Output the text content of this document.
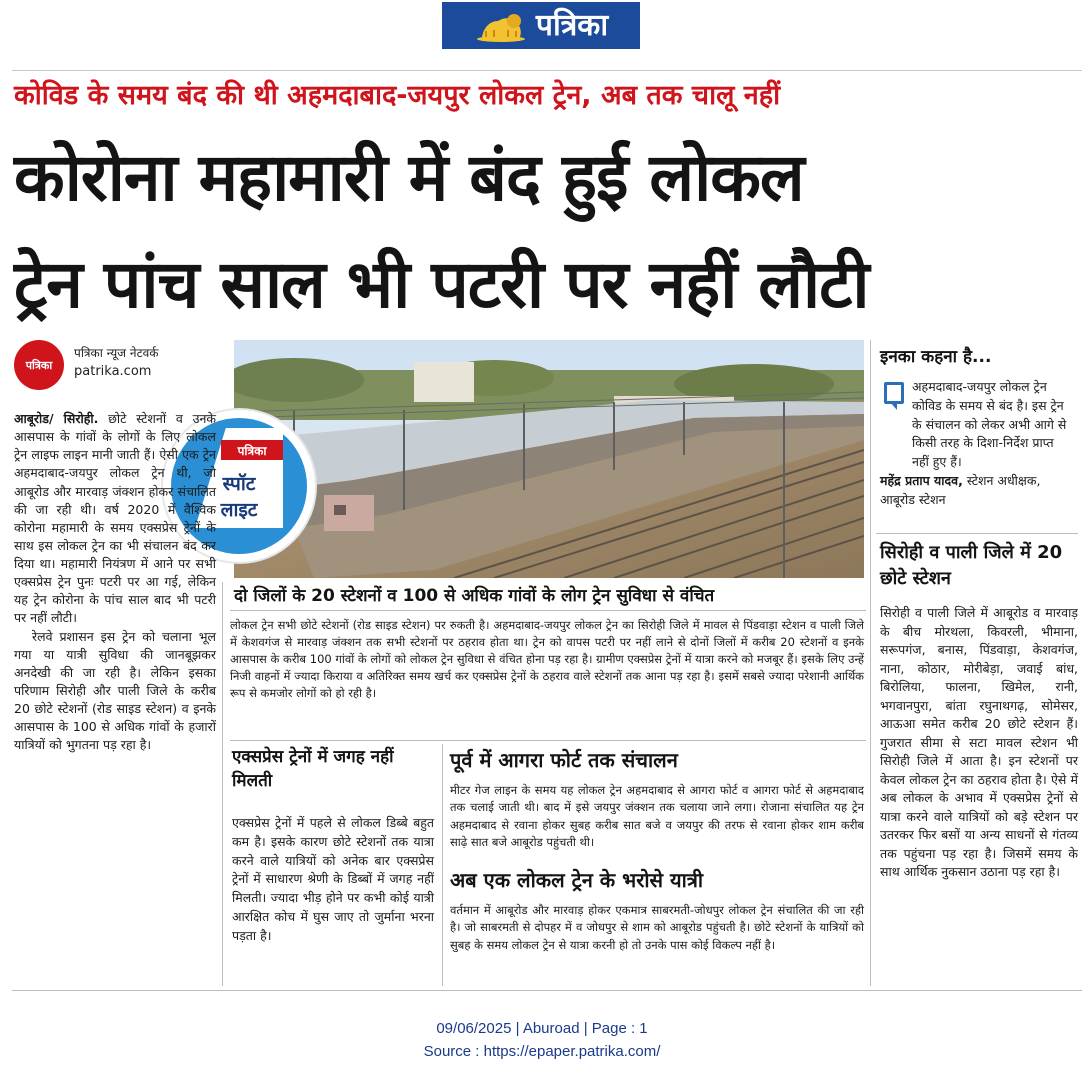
पत्रिका
कोविड के समय बंद की थी अहमदाबाद-जयपुर लोकल ट्रेन, अब तक चालू नहीं
कोरोना महामारी में बंद हुई लोकल
ट्रेन पांच साल भी पटरी पर नहीं लौटी
पत्रिका
पत्रिका न्यूज नेटवर्क
patrika.com
पत्रिका
स्पॉट
लाइट

आबूरोड/ सिरोही. छोटे स्टेशनों व उनके आसपास के गांवों के लोगों के लिए लोकल ट्रेन लाइफ लाइन मानी जाती हैं। ऐसी एक ट्रेन अहमदाबाद-जयपुर लोकल ट्रेन थी, जो आबूरोड और मारवाड़ जंक्शन होकर संचालित की जा रही थी। वर्ष 2020 में वैश्विक कोरोना महामारी के समय एक्सप्रेस ट्रेनों के साथ इस लोकल ट्रेन का भी संचालन बंद कर दिया था। महामारी नियंत्रण में आने पर सभी एक्सप्रेस ट्रेन पुनः पटरी पर आ गई, लेकिन यह ट्रेन कोरोना के पांच साल बाद भी पटरी पर नहीं लौटी।

रेलवे प्रशासन इस ट्रेन को चलाना भूल गया या यात्री सुविधा की जानबूझकर अनदेखी की जा रही है। लेकिन इसका परिणाम सिरोही और पाली जिले के करीब 20 छोटे स्टेशनों (रोड साइड स्टेशन) व इनके आसपास के 100 से अधिक गांवों के हजारों यात्रियों को भुगतना पड़ रहा है।

दो जिलों के 20 स्टेशनों व 100 से अधिक गांवों के लोग ट्रेन सुविधा से वंचित
लोकल ट्रेन सभी छोटे स्टेशनों (रोड साइड स्टेशन) पर रुकती है। अहमदाबाद-जयपुर लोकल ट्रेन का सिरोही जिले में मावल से पिंडवाड़ा स्टेशन व पाली जिले में केशवगंज से मारवाड़ जंक्शन तक सभी स्टेशनों पर ठहराव होता था। ट्रेन को वापस पटरी पर नहीं लाने से दोनों जिलों में करीब 20 स्टेशनों व इनके आसपास के करीब 100 गांवों के लोगों को लोकल ट्रेन सुविधा से वंचित होना पड़ रहा है। ग्रामीण एक्सप्रेस ट्रेनों में यात्रा करने को मजबूर हैं। इसके लिए उन्हें निजी वाहनों में ज्यादा किराया व अतिरिक्त समय खर्च कर एक्सप्रेस ट्रेनों के ठहराव वाले स्टेशनों तक आना पड़ रहा है। इसमें सबसे ज्यादा परेशानी आर्थिक रूप से कमजोर लोगों को हो रही है।
एक्सप्रेस ट्रेनों में जगह नहीं मिलती
एक्सप्रेस ट्रेनों में पहले से लोकल डिब्बे बहुत कम है। इसके कारण छोटे स्टेशनों तक यात्रा करने वाले यात्रियों को अनेक बार एक्सप्रेस ट्रेनों में साधारण श्रेणी के डिब्बों में जगह नहीं मिलती। ज्यादा भीड़ होने पर कभी कोई यात्री आरक्षित कोच में घुस जाए तो जुर्माना भरना पड़ता है।
पूर्व में आगरा फोर्ट तक संचालन
मीटर गेज लाइन के समय यह लोकल ट्रेन अहमदाबाद से आगरा फोर्ट व आगरा फोर्ट से अहमदाबाद तक चलाई जाती थी। बाद में इसे जयपुर जंक्शन तक चलाया जाने लगा। रोजाना संचालित यह ट्रेन अहमदाबाद से रवाना होकर सुबह करीब सात बजे व जयपुर की तरफ से रवाना होकर शाम करीब साढ़े सात बजे आबूरोड पहुंचती थी।
अब एक लोकल ट्रेन के भरोसे यात्री
वर्तमान में आबूरोड और मारवाड़ होकर एकमात्र साबरमती-जोधपुर लोकल ट्रेन संचालित की जा रही है। जो साबरमती से दोपहर में व जोधपुर से शाम को आबूरोड पहुंचती है। छोटे स्टेशनों के यात्रियों को सुबह के समय लोकल ट्रेन से यात्रा करनी हो तो उनके पास कोई विकल्प नहीं है।
इनका कहना है...
अहमदाबाद-जयपुर लोकल ट्रेन कोविड के समय से बंद है। इस ट्रेन के संचालन को लेकर अभी आगे से किसी तरह के दिशा-निर्देश प्राप्त नहीं हुए हैं।
महेंद्र प्रताप यादव, स्टेशन अधीक्षक, आबूरोड स्टेशन
सिरोही व पाली जिले में 20 छोटे स्टेशन
सिरोही व पाली जिले में आबूरोड व मारवाड़ के बीच मोरथला, किवरली, भीमाना, सरूपगंज, बनास, पिंडवाड़ा, केशवगंज, नाना, कोठार, मोरीबेड़ा, जवाई बांध, बिरोलिया, फालना, खिमेल, रानी, भगवानपुरा, बांता रघुनाथगढ़, सोमेसर, आऊआ समेत करीब 20 छोटे स्टेशन हैं। गुजरात सीमा से सटा मावल स्टेशन भी सिरोही जिले में आता है। इन स्टेशनों पर केवल लोकल ट्रेन का ठहराव होता है। ऐसे में अब लोकल के अभाव में एक्सप्रेस ट्रेनों से यात्रा करने वाले यात्रियों को बड़े स्टेशन पर उतरकर फिर बसों या अन्य साधनों से गंतव्य तक पहुंचना पड़ रहा है। जिसमें समय के साथ आर्थिक नुकसान उठाना पड़ रहा है।
09/06/2025 | Aburoad | Page : 1
Source : https://epaper.patrika.com/
